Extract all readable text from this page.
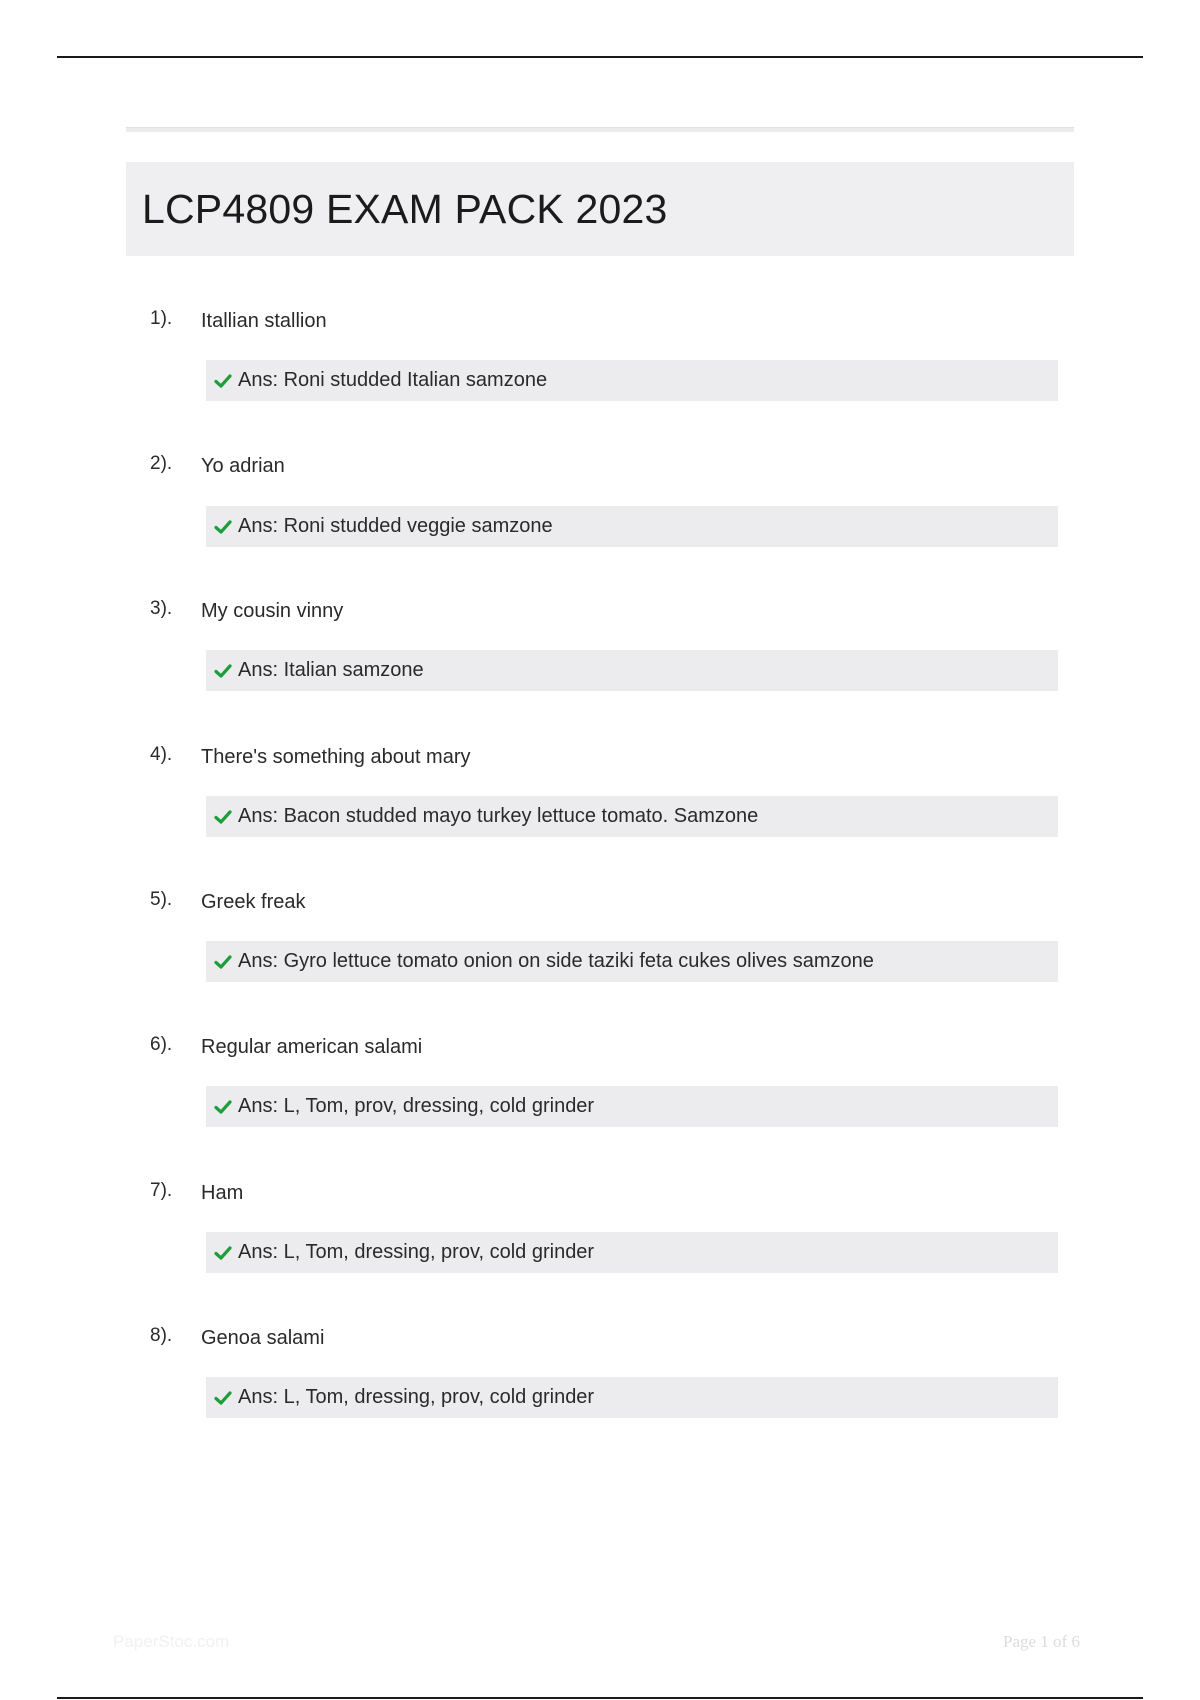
LCP4809 EXAM PACK 2023
1). Itallian stallion
Ans: Roni studded Italian samzone
2). Yo adrian
Ans: Roni studded veggie samzone
3). My cousin vinny
Ans: Italian samzone
4). There's something about mary
Ans: Bacon studded mayo turkey lettuce tomato. Samzone
5). Greek freak
Ans: Gyro lettuce tomato onion on side taziki feta cukes olives samzone
6). Regular american salami
Ans: L, Tom, prov, dressing, cold grinder
7). Ham
Ans: L, Tom, dressing, prov, cold grinder
8). Genoa salami
Ans: L, Tom, dressing, prov, cold grinder
PaperStoc.com	Page 1 of 6
